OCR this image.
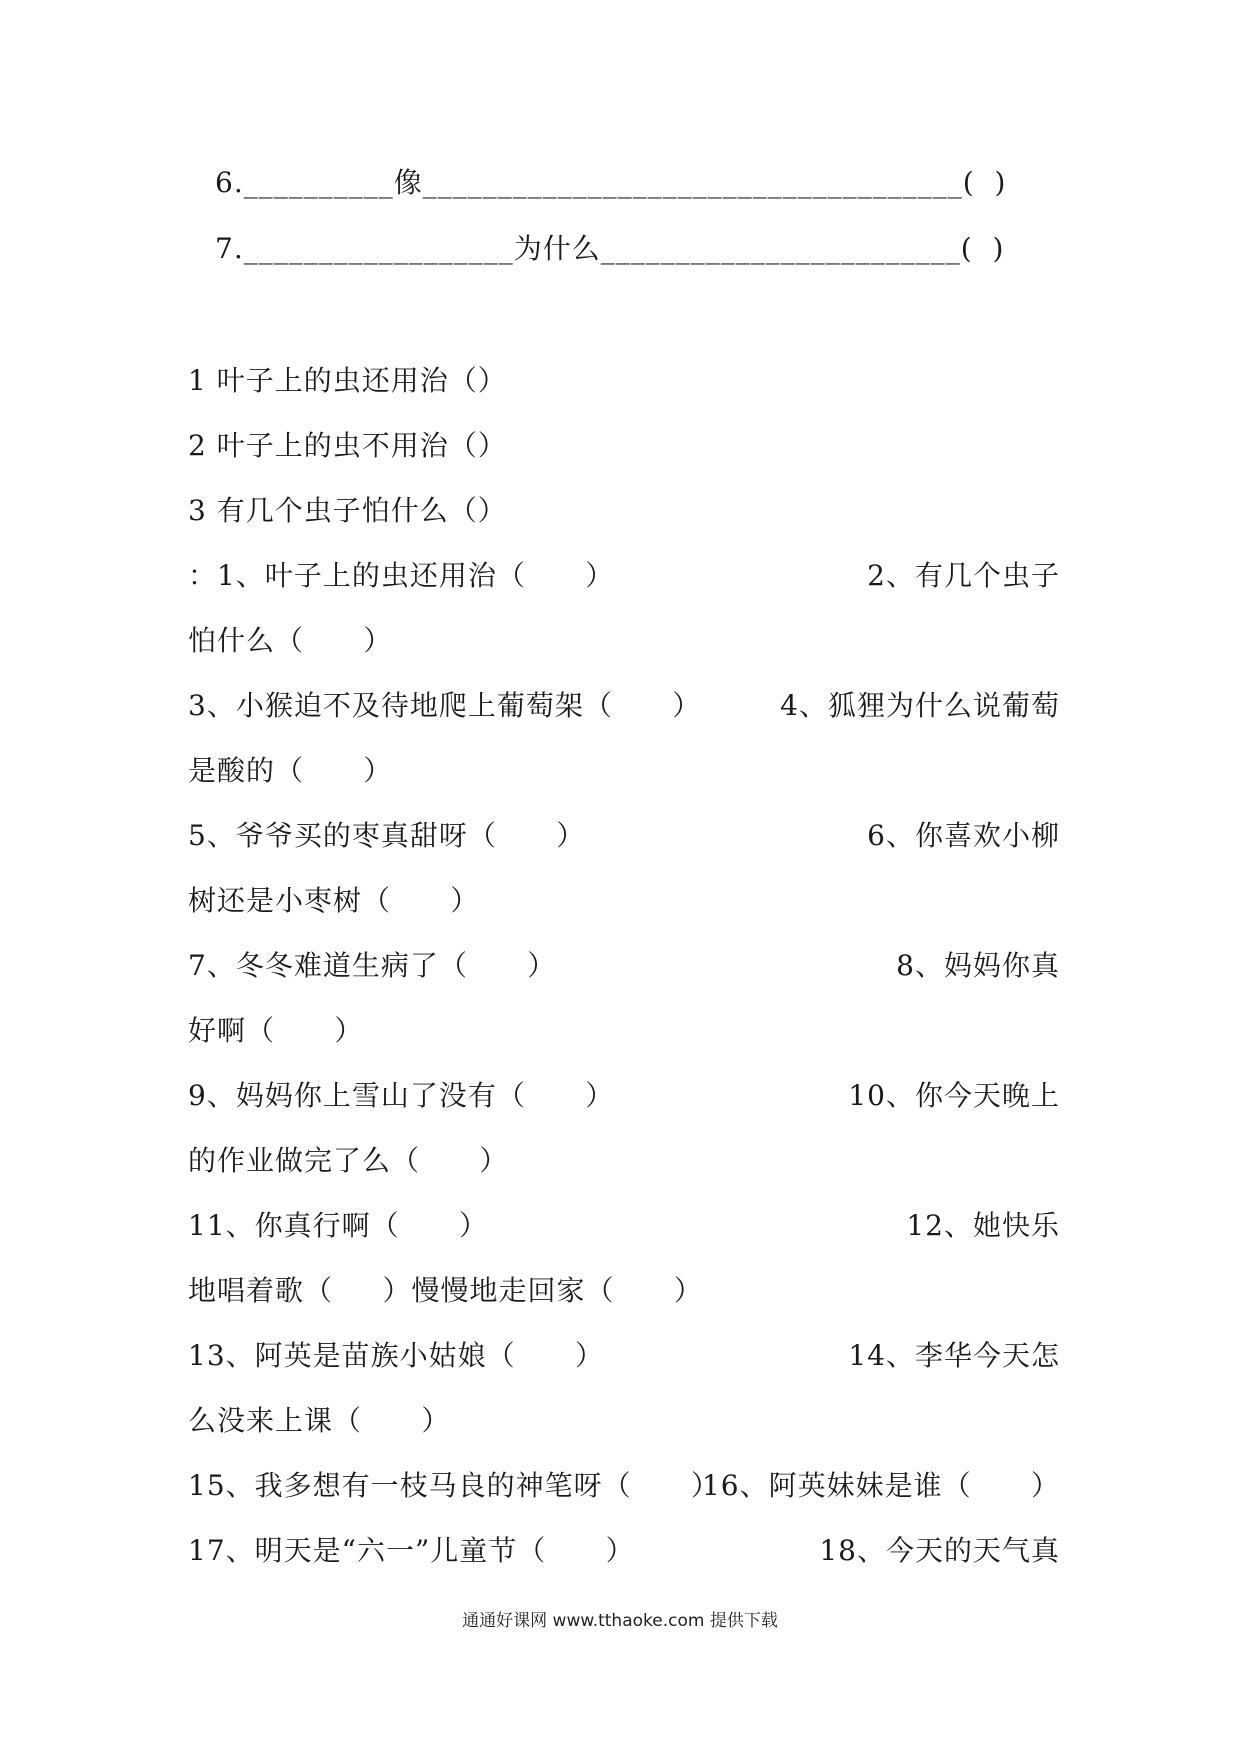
6.__________像____________________________________(  )
7.__________________为什么________________________(  )
1 叶子上的虫还用治（）
2 叶子上的虫不用治（）
3 有几个虫子怕什么（）
：1、叶子上的虫还用治（      ）	2、有几个虫子
怕什么（      ）
3、小猴迫不及待地爬上葡萄架（      ）	4、狐狸为什么说葡萄
是酸的（      ）
5、爷爷买的枣真甜呀（      ）	6、你喜欢小柳
树还是小枣树（      ）
7、冬冬难道生病了（      ）	8、妈妈你真
好啊（      ）
9、妈妈你上雪山了没有（      ）	10、你今天晚上
的作业做完了么（      ）
11、你真行啊（      ）	12、她快乐
地唱着歌（     ）慢慢地走回家（      ）
13、阿英是苗族小姑娘（      ）	14、李华今天怎
么没来上课（      ）
15、我多想有一枝马良的神笔呀（      ）
16、阿英妹妹是谁（      ）
17、明天是“六一”儿童节（      ）	18、今天的天气真
通通好课网 www.tthaoke.com 提供下载
